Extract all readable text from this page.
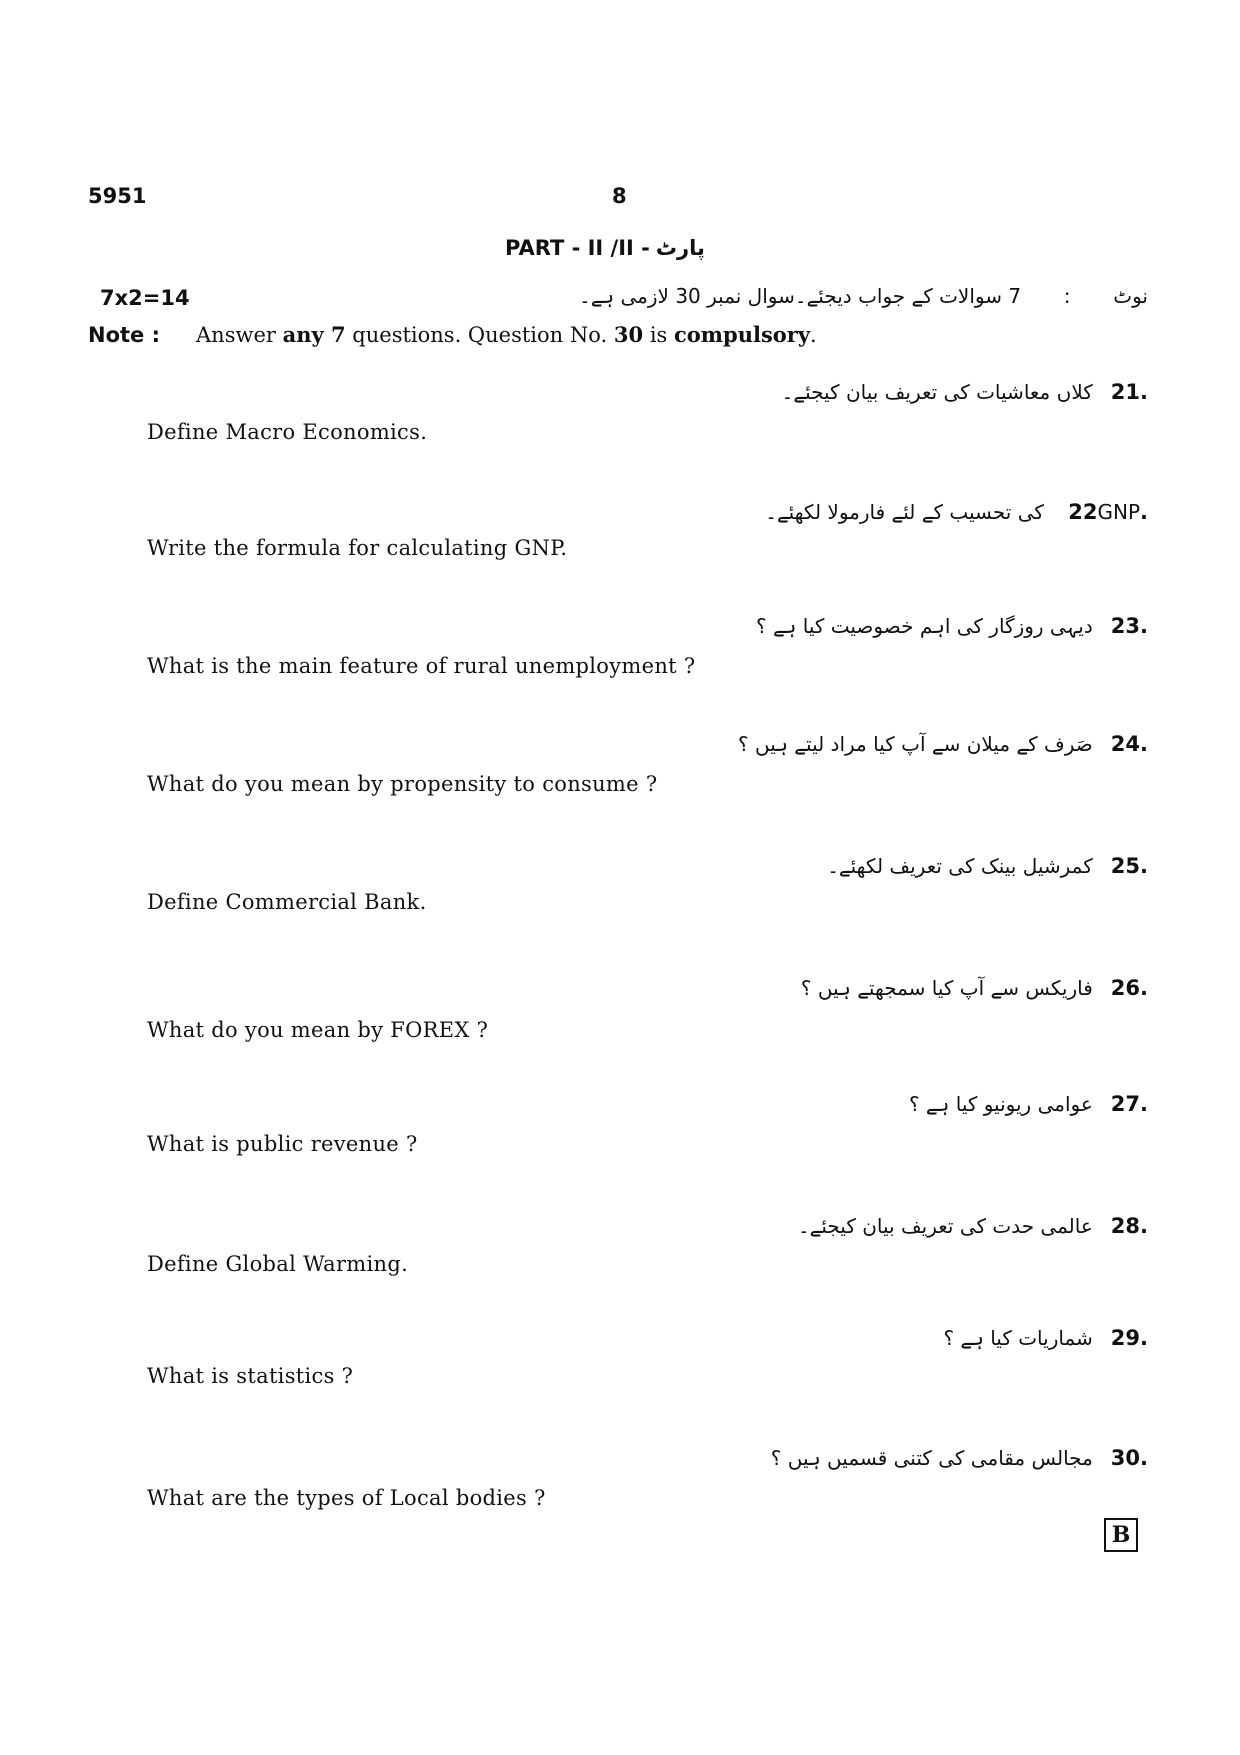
5951	8
PART - II /II - پارٹ
7x2=14	نوٹ  :  7 سوالات کے جواب دیجئے۔سوال نمبر 30 لازمی ہے۔
Note : Answer any 7 questions. Question No. 30 is compulsory.
.21کلاں معاشیات کی تعریف بیان کیجئے۔
Define Macro Economics.
.22GNP کی تحسیب کے لئے فارمولا لکھئے۔
Write the formula for calculating GNP.
.23دیہی روزگار کی اہم خصوصیت کیا ہے ؟
What is the main feature of rural unemployment ?
.24صَرف کے میلان سے آپ کیا مراد لیتے ہیں ؟
What do you mean by propensity to consume ?
.25کمرشیل بینک کی تعریف لکھئے۔
Define Commercial Bank.
.26فاریکس سے آپ کیا سمجھتے ہیں ؟
What do you mean by FOREX ?
.27عوامی ریونیو کیا ہے ؟
What is public revenue ?
.28عالمی حدت کی تعریف بیان کیجئے۔
Define Global Warming.
.29شماریات کیا ہے ؟
What is statistics ?
.30مجالس مقامی کی کتنی قسمیں ہیں ؟
What are the types of Local bodies ?
B
